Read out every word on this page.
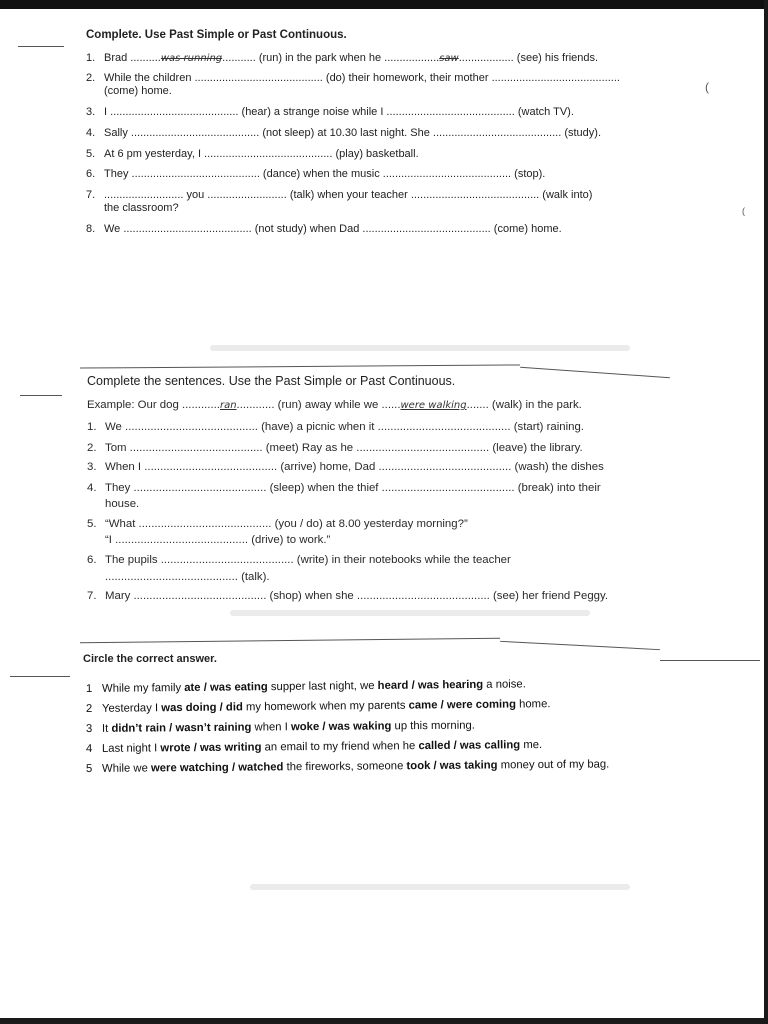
(
(
Complete. Use Past Simple or Past Continuous.
1. Brad ..........was running........... (run) in the park when he ..................saw.................. (see) his friends.
2. While the children .......................................... (do) their homework, their mother ..........................................
(come) home.
3. I .......................................... (hear) a strange noise while I .......................................... (watch TV).
4. Sally .......................................... (not sleep) at 10.30 last night. She .......................................... (study).
5. At 6 pm yesterday, I .......................................... (play) basketball.
6. They .......................................... (dance) when the music .......................................... (stop).
7. .......................... you .......................... (talk) when your teacher .......................................... (walk into)
the classroom?
8. We .......................................... (not study) when Dad .......................................... (come) home.
Complete the sentences. Use the Past Simple or Past Continuous.
Example: Our dog ............ran............ (run) away while we ......were walking....... (walk) in the park.
1. We .......................................... (have) a picnic when it .......................................... (start) raining.
2. Tom .......................................... (meet) Ray as he .......................................... (leave) the library.
3. When I .......................................... (arrive) home, Dad .......................................... (wash) the dishes
4. They .......................................... (sleep) when the thief .......................................... (break) into their
house.
5. “What .......................................... (you / do) at 8.00 yesterday morning?”
“I .......................................... (drive) to work.”
6. The pupils .......................................... (write) in their notebooks while the teacher
.......................................... (talk).
7. Mary .......................................... (shop) when she .......................................... (see) her friend Peggy.
Circle the correct answer.
1 While my family ate / was eating supper last night, we heard / was hearing a noise.
2 Yesterday I was doing / did my homework when my parents came / were coming home.
3 It didn’t rain / wasn’t raining when I woke / was waking up this morning.
4 Last night I wrote / was writing an email to my friend when he called / was calling me.
5 While we were watching / watched the fireworks, someone took / was taking money out of my bag.
